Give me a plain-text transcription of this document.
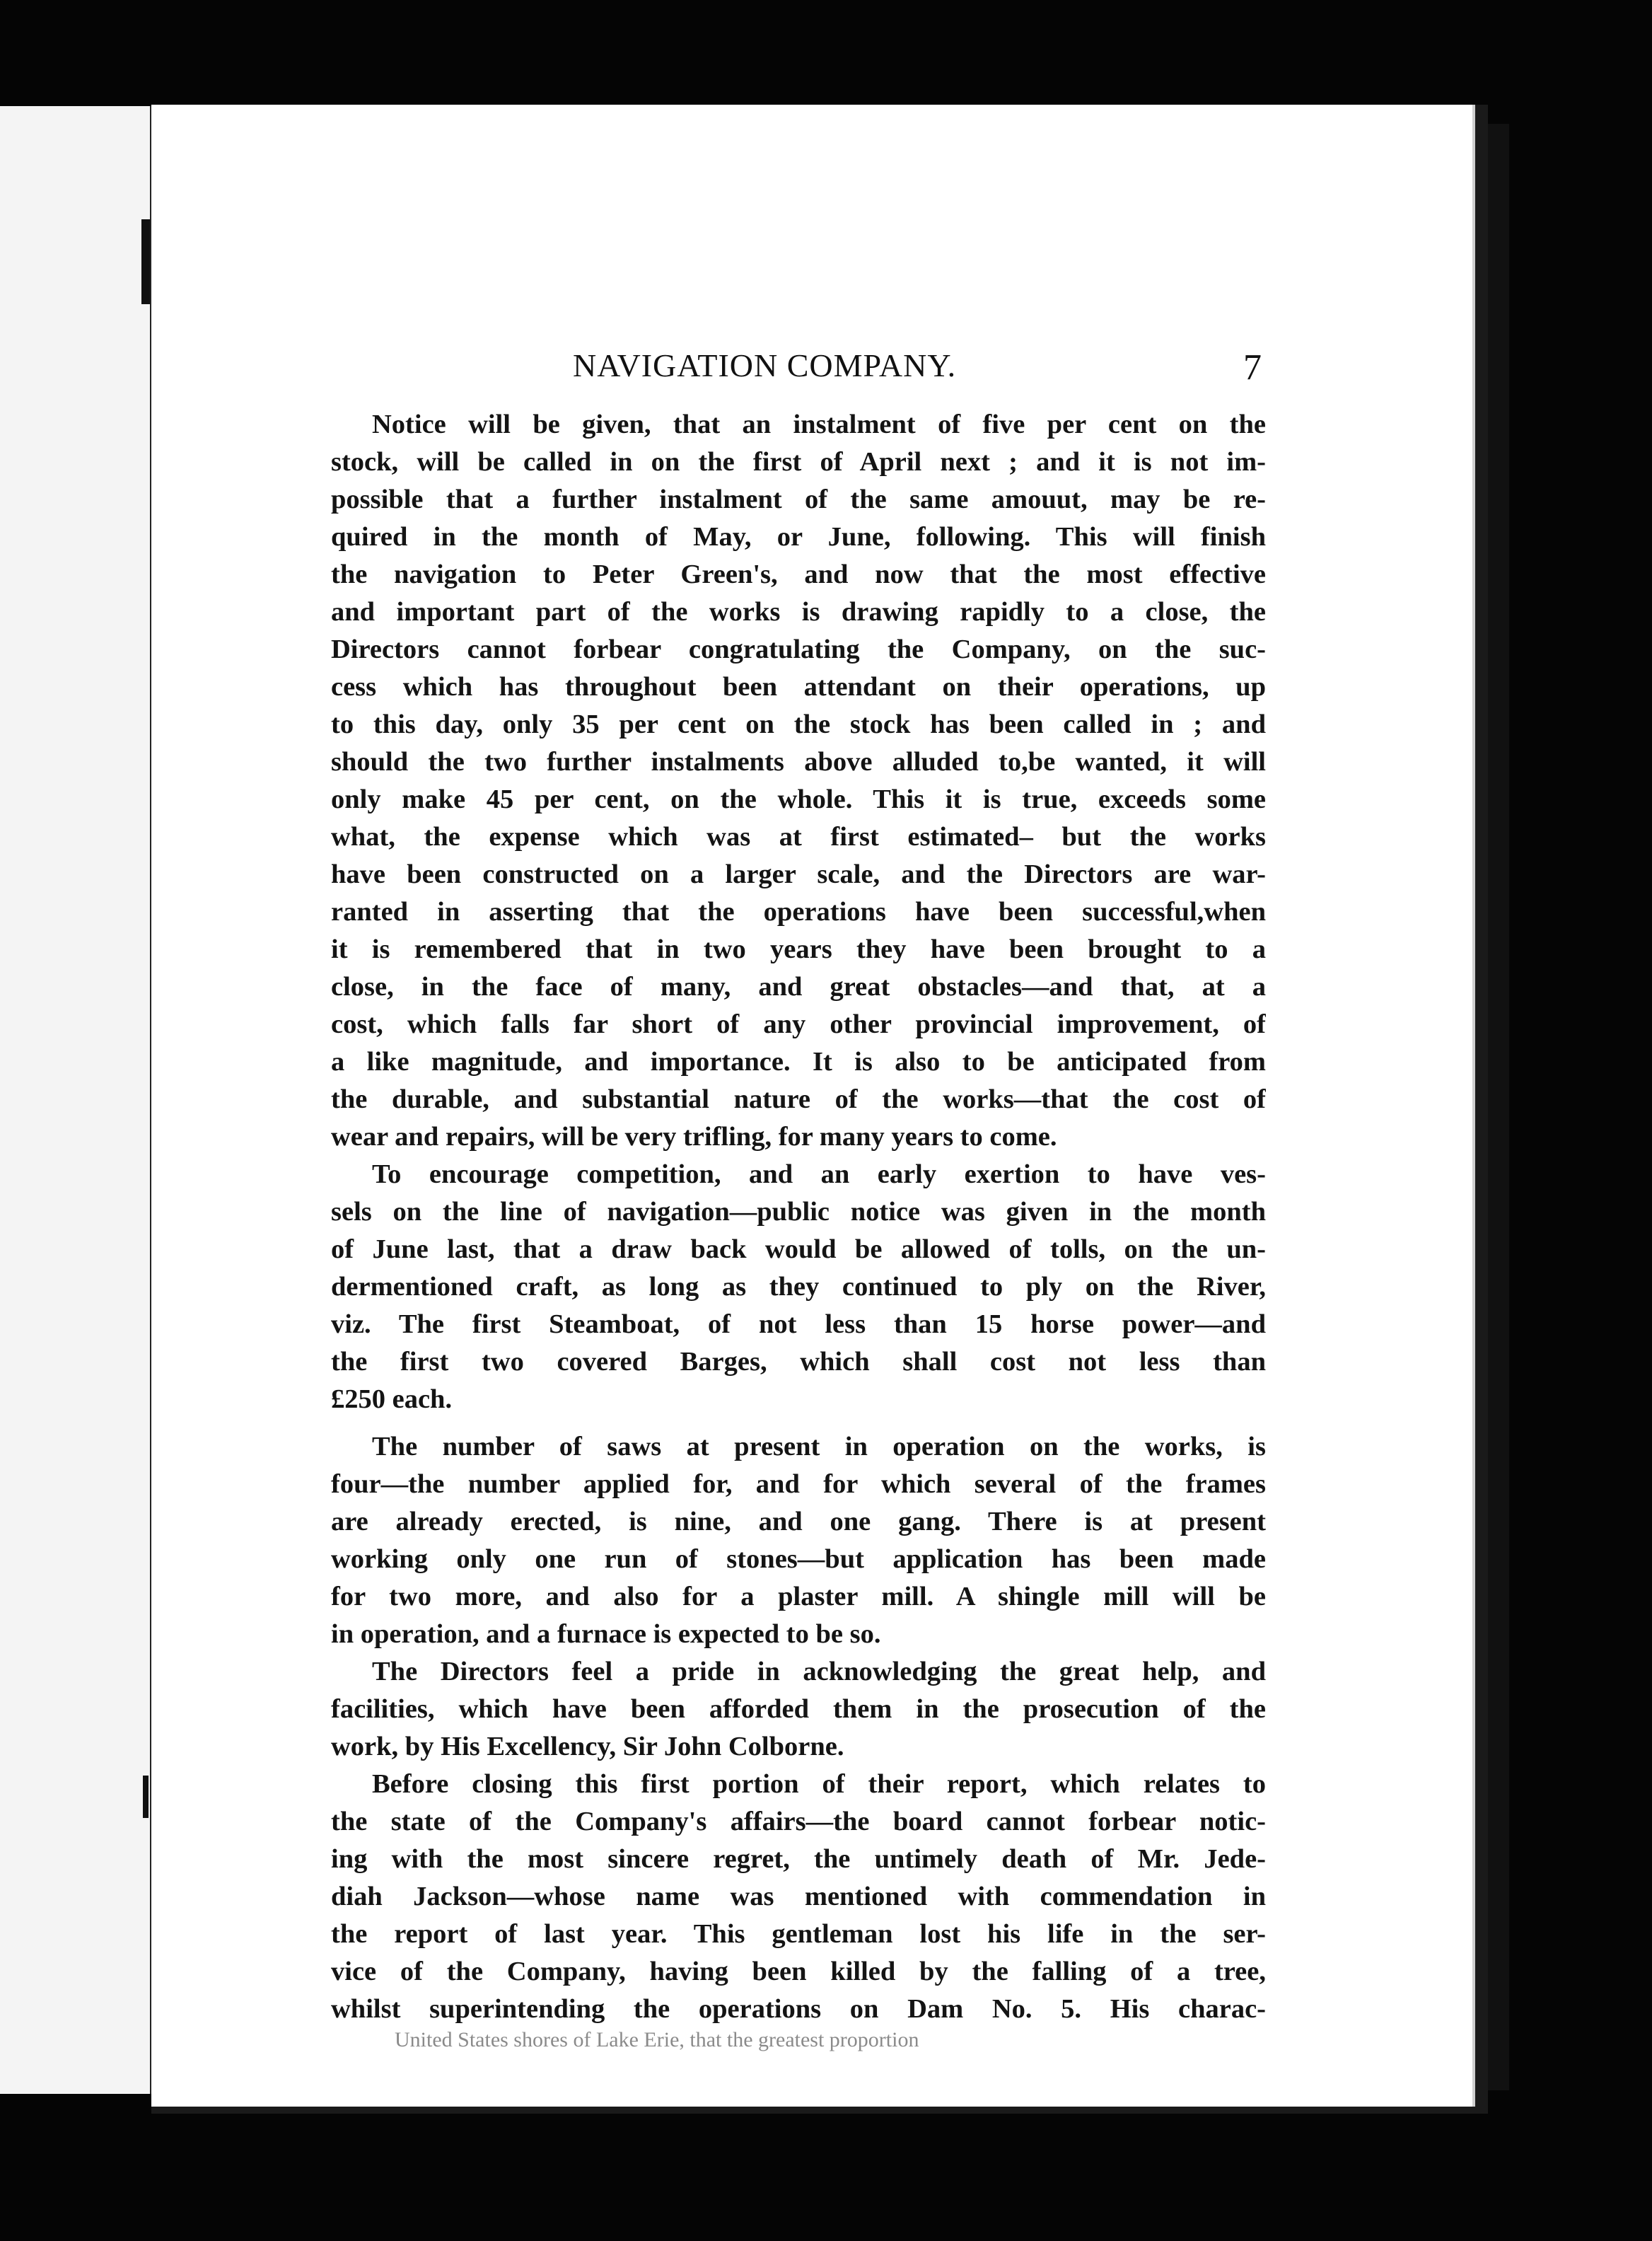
NAVIGATION COMPANY.	7
Notice will be given, that an instalment of five per cent on the
stock, will be called in on the first of April next ; and it is not im-
possible that a further instalment of the same amouut, may be re-
quired in the month of May, or June, following. This will finish
the navigation to Peter Green's, and now that the most effective
and important part of the works is drawing rapidly to a close, the
Directors cannot forbear congratulating the Company, on the suc-
cess which has throughout been attendant on their operations, up
to this day, only 35 per cent on the stock has been called in ; and
should the two further instalments above alluded to,be wanted, it will
only make 45 per cent, on the whole. This it is true, exceeds some
what, the expense which was at first estimated– but the works
have been constructed on a larger scale, and the Directors are war-
ranted in asserting that the operations have been successful,when
it is remembered that in two years they have been brought to a
close, in the face of many, and great obstacles—and that, at a
cost, which falls far short of any other provincial improvement, of
a like magnitude, and importance. It is also to be anticipated from
the durable, and substantial nature of the works—that the cost of
wear and repairs, will be very trifling, for many years to come.
To encourage competition, and an early exertion to have ves-
sels on the line of navigation—public notice was given in the month
of June last, that a draw back would be allowed of tolls, on the un-
dermentioned craft, as long as they continued to ply on the River,
viz. The first Steamboat, of not less than 15 horse power—and
the first two covered Barges, which shall cost not less than
£250 each.
The number of saws at present in operation on the works, is
four—the number applied for, and for which several of the frames
are already erected, is nine, and one gang. There is at present
working only one run of stones—but application has been made
for two more, and also for a plaster mill. A shingle mill will be
in operation, and a furnace is expected to be so.
The Directors feel a pride in acknowledging the great help, and
facilities, which have been afforded them in the prosecution of the
work, by His Excellency, Sir John Colborne.
Before closing this first portion of their report, which relates to
the state of the Company's affairs—the board cannot forbear notic-
ing with the most sincere regret, the untimely death of Mr. Jede-
diah Jackson—whose name was mentioned with commendation in
the report of last year. This gentleman lost his life in the ser-
vice of the Company, having been killed by the falling of a tree,
whilst superintending the operations on Dam No. 5. His charac-
United States shores of Lake Erie, that the greatest proportion
